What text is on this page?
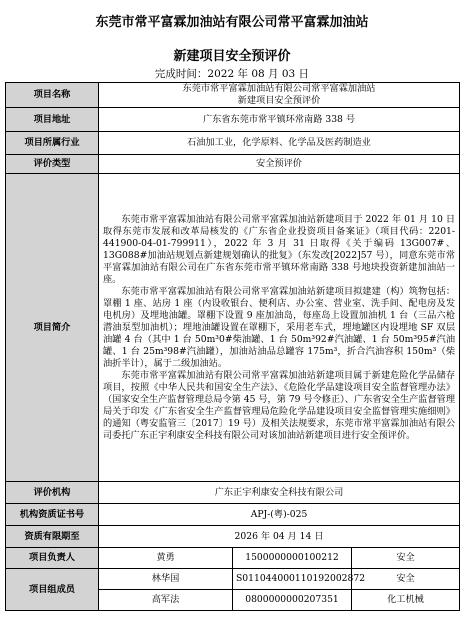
东莞市常平富霖加油站有限公司常平富霖加油站
新建项目安全预评价
完成时间：2022 年 08 月 03 日
项目名称	东莞市常平富霖加油站有限公司常平富霖加油站
新建项目安全预评价		
项目地址	广东省东莞市常平镇环常南路 338 号		
项目所属行业	石油加工业，化学原料、化学品及医药制造业		
评价类型	安全预评价		
项目简介	东莞市常平富霖加油站有限公司常平富霖加油站新建项目于 2022 年 01 月 10 日取得东莞市发展和改革局核发的《广东省企业投资项目备案证》（项目代码：2201-441900-04-01-799911），2022 年 3 月 31 日取得《关于编码 13G007#、13G088#加油站规划点新建规划确认的批复》（东发改[2022]57 号），同意东莞市常平富霖加油站有限公司在广东省东莞市常平镇环常南路 338 号地块投资新建加油站一座。
东莞市常平富霖加油站有限公司常平富霖加油站新建项目拟建建（构）筑物包括：罩棚 1 座、站房 1 座（内设收银台、便利店、办公室、营业室、洗手间、配电房及发电机房）及埋地油罐。罩棚下设置 9 座加油岛，每座岛上设置加油机 1 台（三品六枪潜油泵型加油机）；埋地油罐设置在罩棚下，采用老车式，埋地罐区内设埋地 SF 双层油罐 4 台（其中 1 台 50m³0#柴油罐、1 台 50m³92#汽油罐、1 台 50m³95#汽油罐、1 台 25m³98#汽油罐），加油站油品总罐容 175m³，折合汽油容积 150m³（柴油折半计），属于二级加油站。
东莞市常平富霖加油站有限公司常平富霖加油站新建项目属于新建危险化学品储存项目，按照《中华人民共和国安全生产法》、《危险化学品建设项目安全监督管理办法》（国家安全生产监督管理总局令第 45 号，第 79 号令修正）、广东省安全生产监督管理局关于印发《广东省安全生产监督管理局危险化学品建设项目安全监督管理实施细则》的通知（粤安监管三〔2017〕19 号）及相关法规要求，东莞市常平富霖加油站有限公司委托广东正宇利康安全科技有限公司对该加油站新建项目进行安全预评价。		

评价机构	广东正宇利康安全科技有限公司		
机构资质证书号	APJ-(粤)-025		
资质有限期至	2026 年 04 月 14 日		
项目负责人	黄勇	1500000000100212	安全
项目组成员	林华国	S011044000110192002872	安全
	高军法	0800000000207351	化工机械
